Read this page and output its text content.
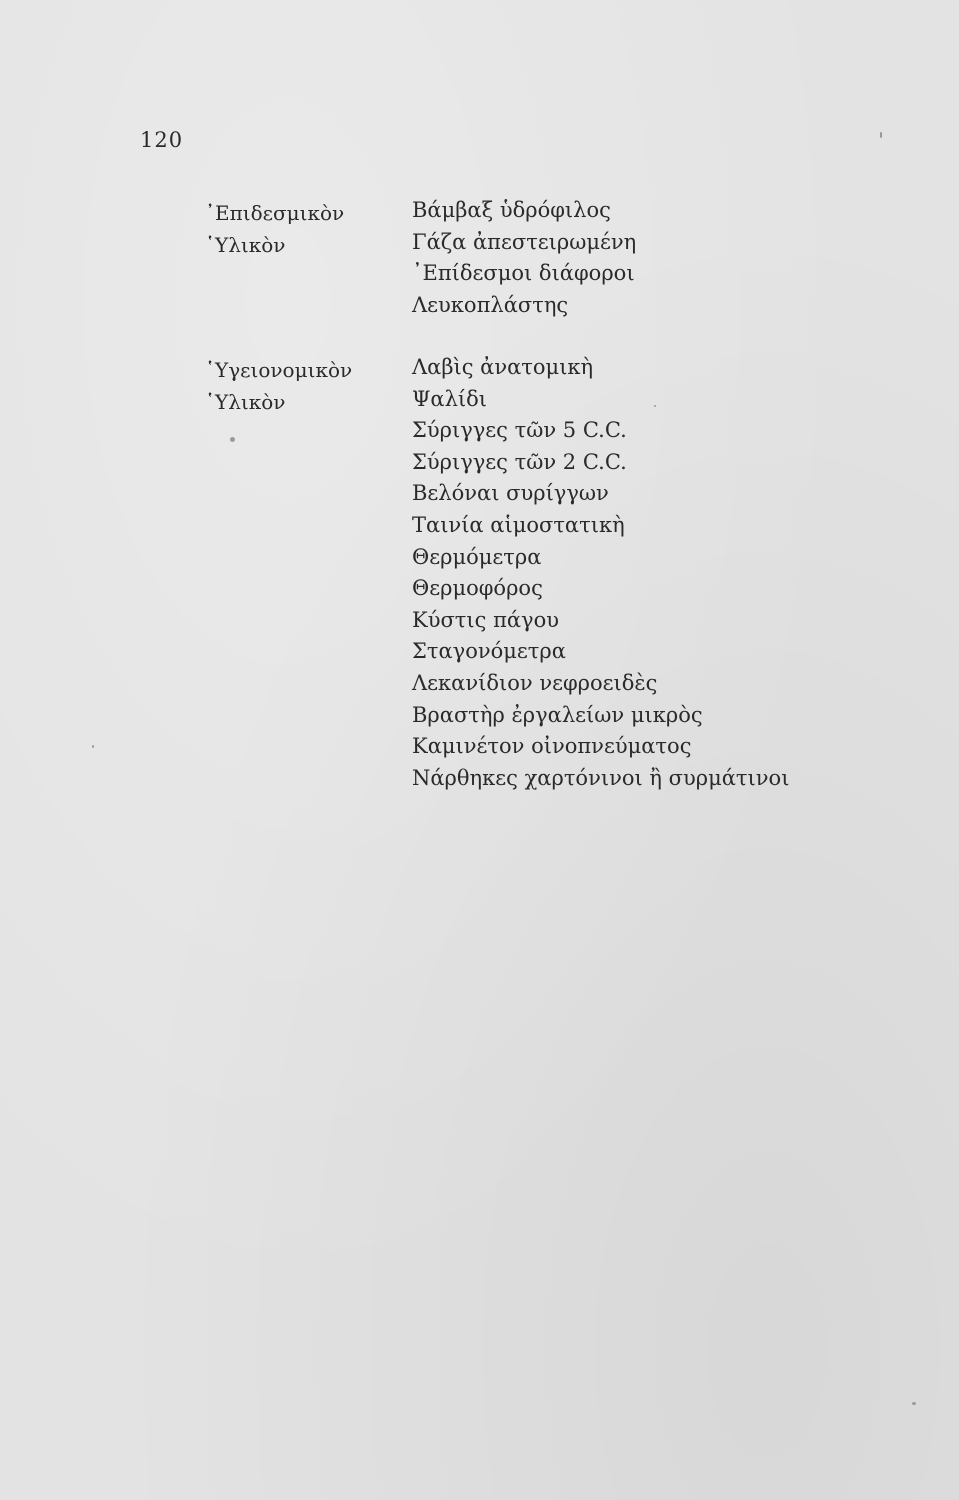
120
᾿Επιδεσμικὸν
῾Υλικὸν
Βάμβαξ ὑδρόφιλος
Γάζα ἀπεστειρωμένη
᾿Επίδεσμοι διάφοροι
Λευκοπλάστης
῾Υγειονομικὸν
῾Υλικὸν
Λαβὶς ἀνατομικὴ
Ψαλίδι
Σύριγγες τῶν 5 C.C.
Σύριγγες τῶν 2 C.C.
Βελόναι συρίγγων
Ταινία αἱμοστατικὴ
Θερμόμετρα
Θερμοφόρος
Κύστις πάγου
Σταγονόμετρα
Λεκανίδιον νεφροειδὲς
Βραστὴρ ἐργαλείων μικρὸς
Καμινέτον οἰνοπνεύματος
Νάρθηκες χαρτόνινοι ἢ συρμάτινοι
